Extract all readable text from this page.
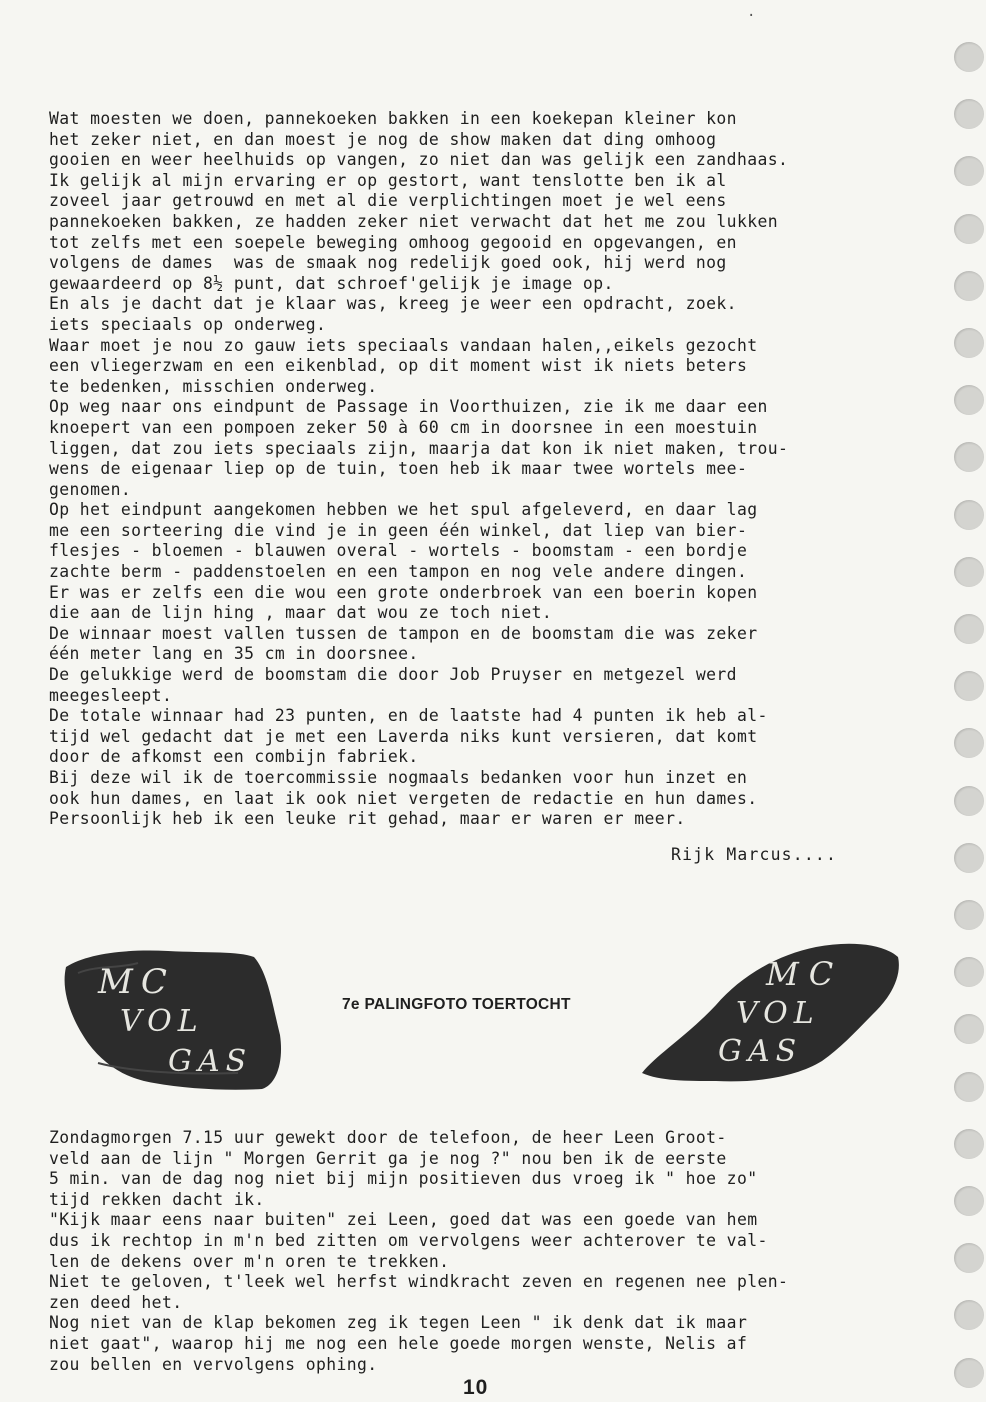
.
Wat moesten we doen, pannekoeken bakken in een koekepan kleiner kon
het zeker niet, en dan moest je nog de show maken dat ding omhoog
gooien en weer heelhuids op vangen, zo niet dan was gelijk een zandhaas.
Ik gelijk al mijn ervaring er op gestort, want tenslotte ben ik al
zoveel jaar getrouwd en met al die verplichtingen moet je wel eens
pannekoeken bakken, ze hadden zeker niet verwacht dat het me zou lukken
tot zelfs met een soepele beweging omhoog gegooid en opgevangen, en
volgens de dames  was de smaak nog redelijk goed ook, hij werd nog
gewaardeerd op 8½ punt, dat schroef'gelijk je image op.
En als je dacht dat je klaar was, kreeg je weer een opdracht, zoek.
iets speciaals op onderweg.
Waar moet je nou zo gauw iets speciaals vandaan halen,,eikels gezocht
een vliegerzwam en een eikenblad, op dit moment wist ik niets beters
te bedenken, misschien onderweg.
Op weg naar ons eindpunt de Passage in Voorthuizen, zie ik me daar een
knoepert van een pompoen zeker 50 à 60 cm in doorsnee in een moestuin
liggen, dat zou iets speciaals zijn, maarja dat kon ik niet maken, trou-
wens de eigenaar liep op de tuin, toen heb ik maar twee wortels mee-
genomen.
Op het eindpunt aangekomen hebben we het spul afgeleverd, en daar lag
me een sorteering die vind je in geen één winkel, dat liep van bier-
flesjes - bloemen - blauwen overal - wortels - boomstam - een bordje
zachte berm - paddenstoelen en een tampon en nog vele andere dingen.
Er was er zelfs een die wou een grote onderbroek van een boerin kopen
die aan de lijn hing , maar dat wou ze toch niet.
De winnaar moest vallen tussen de tampon en de boomstam die was zeker
één meter lang en 35 cm in doorsnee.
De gelukkige werd de boomstam die door Job Pruyser en metgezel werd
meegesleept.
De totale winnaar had 23 punten, en de laatste had 4 punten ik heb al-
tijd wel gedacht dat je met een Laverda niks kunt versieren, dat komt
door de afkomst een combijn fabriek.
Bij deze wil ik de toercommissie nogmaals bedanken voor hun inzet en
ook hun dames, en laat ik ook niet vergeten de redactie en hun dames.
Persoonlijk heb ik een leuke rit gehad, maar er waren er meer.
Rijk Marcus....
MC
VOL
GAS
7e PALINGFOTO TOERTOCHT
MC
VOL
GAS
Zondagmorgen 7.15 uur gewekt door de telefoon, de heer Leen Groot-
veld aan de lijn " Morgen Gerrit ga je nog ?" nou ben ik de eerste
5 min. van de dag nog niet bij mijn positieven dus vroeg ik " hoe zo"
tijd rekken dacht ik.
"Kijk maar eens naar buiten" zei Leen, goed dat was een goede van hem
dus ik rechtop in m'n bed zitten om vervolgens weer achterover te val-
len de dekens over m'n oren te trekken.
Niet te geloven, t'leek wel herfst windkracht zeven en regenen nee plen-
zen deed het.
Nog niet van de klap bekomen zeg ik tegen Leen " ik denk dat ik maar
niet gaat", waarop hij me nog een hele goede morgen wenste, Nelis af
zou bellen en vervolgens ophing.
10
